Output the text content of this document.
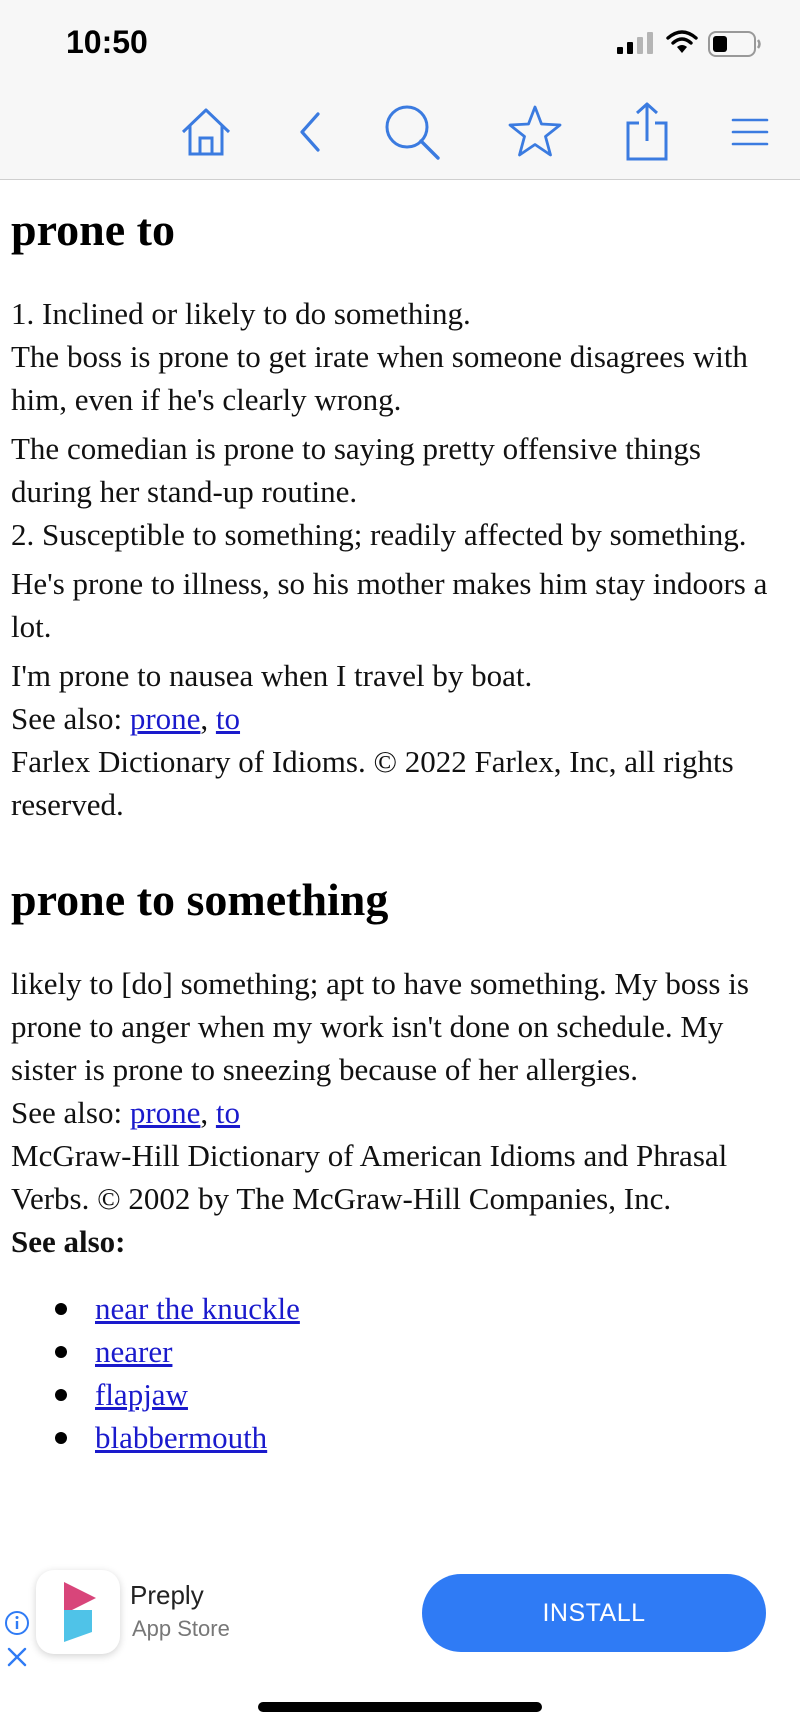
10:50
prone to

1. Inclined or likely to do something.

The boss is prone to get irate when someone disagrees with him, even if he's clearly wrong.

The comedian is prone to saying pretty offensive things during her stand-up routine.

2. Susceptible to something; readily affected by something.

He's prone to illness, so his mother makes him stay indoors a lot.

I'm prone to nausea when I travel by boat.

See also: prone, to

Farlex Dictionary of Idioms. © 2022 Farlex, Inc, all rights reserved.

prone to something

likely to [do] something; apt to have something. My boss is prone to anger when my work isn't done on schedule. My sister is prone to sneezing because of her allergies.

See also: prone, to

McGraw-Hill Dictionary of American Idioms and Phrasal Verbs. © 2002 by The McGraw-Hill Companies, Inc.

See also:
near the knuckle
nearer
flapjaw
blabbermouth
Preply
App Store
INSTALL
